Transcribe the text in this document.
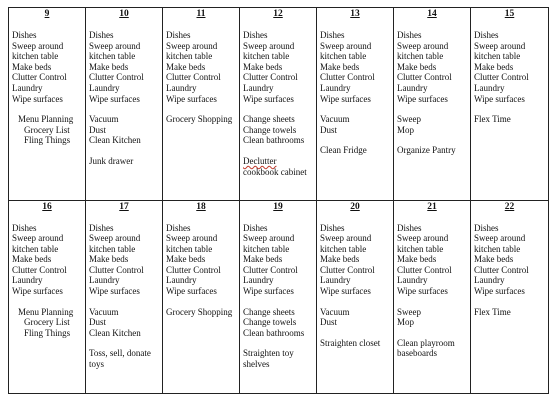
9
Dishes
Sweep around
kitchen table
Make beds
Clutter Control
Laundry
Wipe surfaces
Menu Planning
Grocery List
Fling Things
10
Dishes
Sweep around
kitchen table
Make beds
Clutter Control
Laundry
Wipe surfaces
Vacuum
Dust
Clean Kitchen
Junk drawer
11
Dishes
Sweep around
kitchen table
Make beds
Clutter Control
Laundry
Wipe surfaces
Grocery Shopping
12
Dishes
Sweep around
kitchen table
Make beds
Clutter Control
Laundry
Wipe surfaces
Change sheets
Change towels
Clean bathrooms
Declutter
cookbook cabinet
13
Dishes
Sweep around
kitchen table
Make beds
Clutter Control
Laundry
Wipe surfaces
Vacuum
Dust
Clean Fridge
14
Dishes
Sweep around
kitchen table
Make beds
Clutter Control
Laundry
Wipe surfaces
Sweep
Mop
Organize Pantry
15
Dishes
Sweep around
kitchen table
Make beds
Clutter Control
Laundry
Wipe surfaces
Flex Time
16
Dishes
Sweep around
kitchen table
Make beds
Clutter Control
Laundry
Wipe surfaces
Menu Planning
Grocery List
Fling Things
17
Dishes
Sweep around
kitchen table
Make beds
Clutter Control
Laundry
Wipe surfaces
Vacuum
Dust
Clean Kitchen
Toss, sell, donate
toys
18
Dishes
Sweep around
kitchen table
Make beds
Clutter Control
Laundry
Wipe surfaces
Grocery Shopping
19
Dishes
Sweep around
kitchen table
Make beds
Clutter Control
Laundry
Wipe surfaces
Change sheets
Change towels
Clean bathrooms
Straighten toy
shelves
20
Dishes
Sweep around
kitchen table
Make beds
Clutter Control
Laundry
Wipe surfaces
Vacuum
Dust
Straighten closet
21
Dishes
Sweep around
kitchen table
Make beds
Clutter Control
Laundry
Wipe surfaces
Sweep
Mop
Clean playroom
baseboards
22
Dishes
Sweep around
kitchen table
Make beds
Clutter Control
Laundry
Wipe surfaces
Flex Time
